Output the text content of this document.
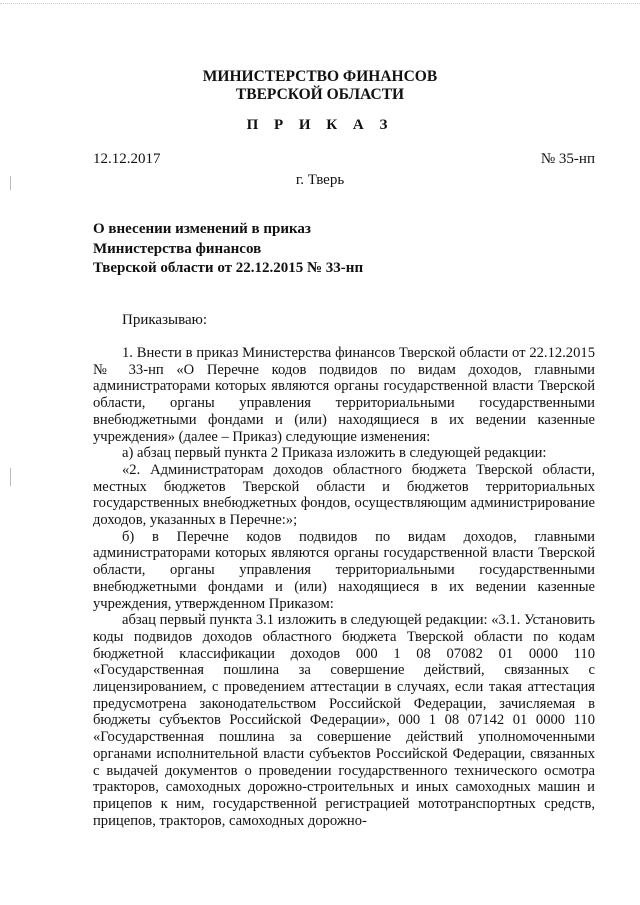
МИНИСТЕРСТВО ФИНАНСОВ
ТВЕРСКОЙ ОБЛАСТИ
П Р И К А З
12.12.2017	№ 35-нп
г. Тверь
О внесении изменений в приказ
Министерства финансов
Тверской области от 22.12.2015 № 33-нп
Приказываю:

1. Внести в приказ Министерства финансов Тверской области от 22.12.2015 № 33-нп «О Перечне кодов подвидов по видам доходов, главными администраторами которых являются органы государственной власти Тверской области, органы управления территориальными государственными внебюджетными фондами и (или) находящиеся в их ведении казенные учреждения» (далее – Приказ) следующие изменения:

а) абзац первый пункта 2 Приказа изложить в следующей редакции:

«2. Администраторам доходов областного бюджета Тверской области, местных бюджетов Тверской области и бюджетов территориальных государственных внебюджетных фондов, осуществляющим администрирование доходов, указанных в Перечне:»;

б) в Перечне кодов подвидов по видам доходов, главными администраторами которых являются органы государственной власти Тверской области, органы управления территориальными государственными внебюджетными фондами и (или) находящиеся в их ведении казенные учреждения, утвержденном Приказом:

абзац первый пункта 3.1 изложить в следующей редакции: «3.1. Установить коды подвидов доходов областного бюджета Тверской области по кодам бюджетной классификации доходов 000 1 08 07082 01 0000 110 «Государственная пошлина за совершение действий, связанных с лицензированием, с проведением аттестации в случаях, если такая аттестация предусмотрена законодательством Российской Федерации, зачисляемая в бюджеты субъектов Российской Федерации», 000 1 08 07142 01 0000 110 «Государственная пошлина за совершение действий уполномоченными органами исполнительной власти субъектов Российской Федерации, связанных с выдачей документов о проведении государственного технического осмотра тракторов, самоходных дорожно-строительных и иных самоходных машин и прицепов к ним, государственной регистрацией мототранспортных средств, прицепов, тракторов, самоходных дорожно-
